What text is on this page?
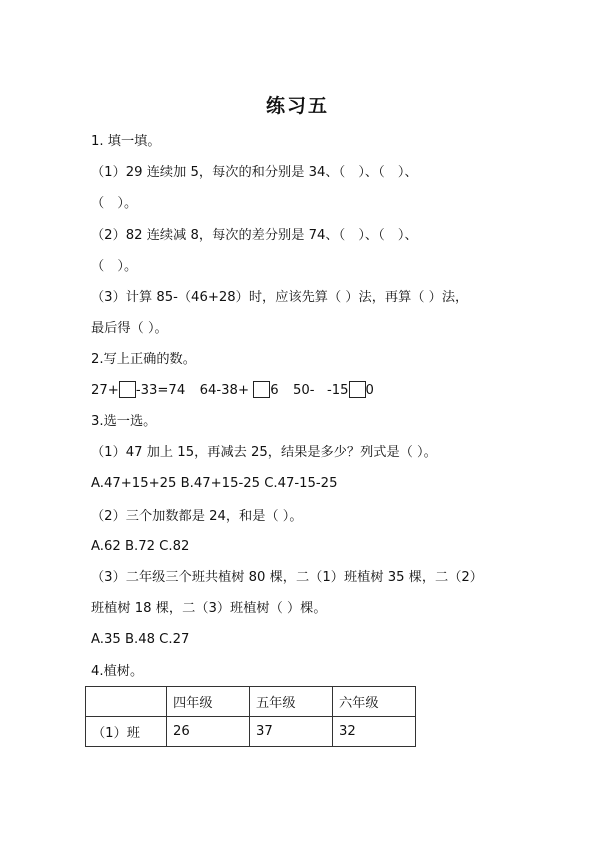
练习五
1. 填一填。
（1）29 连续加 5，每次的和分别是 34、（　）、（　）、
（　）。
（2）82 连续减 8，每次的差分别是 74、（　）、（　）、
（　）。
（3）计算 85-（46+28）时，应该先算（ ）法，再算（ ）法，
最后得（ ）。
2.写上正确的数。
27+ -33=74 64-38+ 6 50- -15 0
3.选一选。
（1）47 加上 15，再减去 25，结果是多少？列式是（ ）。
A.47+15+25 B.47+15-25 C.47-15-25
（2）三个加数都是 24，和是（ ）。
A.62 B.72 C.82
（3）二年级三个班共植树 80 棵，二（1）班植树 35 棵，二（2）
班植树 18 棵，二（3）班植树（ ）棵。
A.35 B.48 C.27
4.植树。
	四年级	五年级	六年级
（1）班	26	37	32
